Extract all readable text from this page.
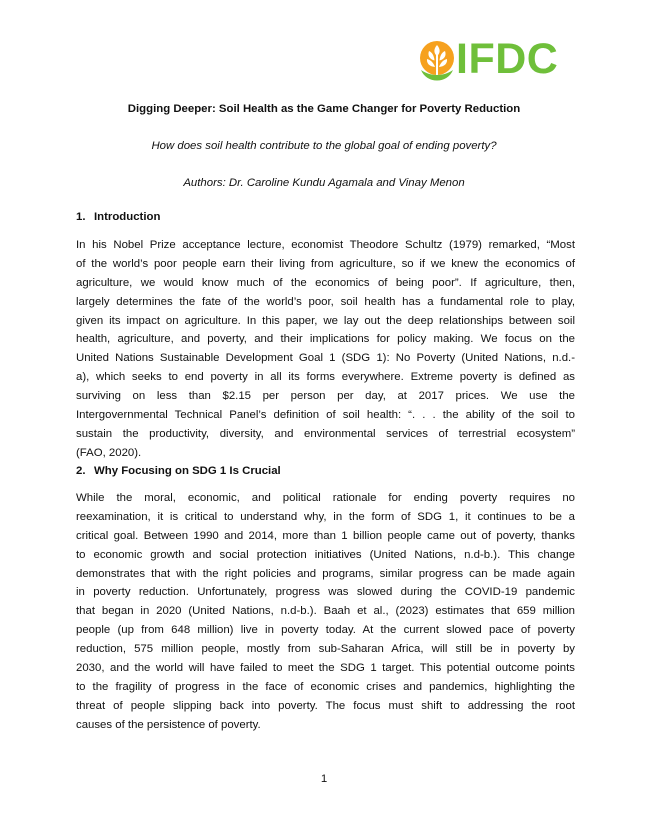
IFDC

Digging Deeper: Soil Health as the Game Changer for Poverty Reduction

How does soil health contribute to the global goal of ending poverty?

Authors: Dr. Caroline Kundu Agamala and Vinay Menon

1. Introduction

In his Nobel Prize acceptance lecture, economist Theodore Schultz (1979) remarked, “Most
of the world’s poor people earn their living from agriculture, so if we knew the economics of
agriculture, we would know much of the economics of being poor”. If agriculture, then,
largely determines the fate of the world’s poor, soil health has a fundamental role to play,
given its impact on agriculture. In this paper, we lay out the deep relationships between soil
health, agriculture, and poverty, and their implications for policy making. We focus on the
United Nations Sustainable Development Goal 1 (SDG 1): No Poverty (United Nations, n.d.-
a), which seeks to end poverty in all its forms everywhere. Extreme poverty is defined as
surviving on less than $2.15 per person per day, at 2017 prices. We use the
Intergovernmental Technical Panel’s definition of soil health: “. . . the ability of the soil to
sustain the productivity, diversity, and environmental services of terrestrial ecosystem”
(FAO, 2020).

2. Why Focusing on SDG 1 Is Crucial

While the moral, economic, and political rationale for ending poverty requires no
reexamination, it is critical to understand why, in the form of SDG 1, it continues to be a
critical goal. Between 1990 and 2014, more than 1 billion people came out of poverty, thanks
to economic growth and social protection initiatives (United Nations, n.d-b.). This change
demonstrates that with the right policies and programs, similar progress can be made again
in poverty reduction. Unfortunately, progress was slowed during the COVID-19 pandemic
that began in 2020 (United Nations, n.d-b.). Baah et al., (2023) estimates that 659 million
people (up from 648 million) live in poverty today. At the current slowed pace of poverty
reduction, 575 million people, mostly from sub-Saharan Africa, will still be in poverty by
2030, and the world will have failed to meet the SDG 1 target. This potential outcome points
to the fragility of progress in the face of economic crises and pandemics, highlighting the
threat of people slipping back into poverty. The focus must shift to addressing the root
causes of the persistence of poverty.

1
